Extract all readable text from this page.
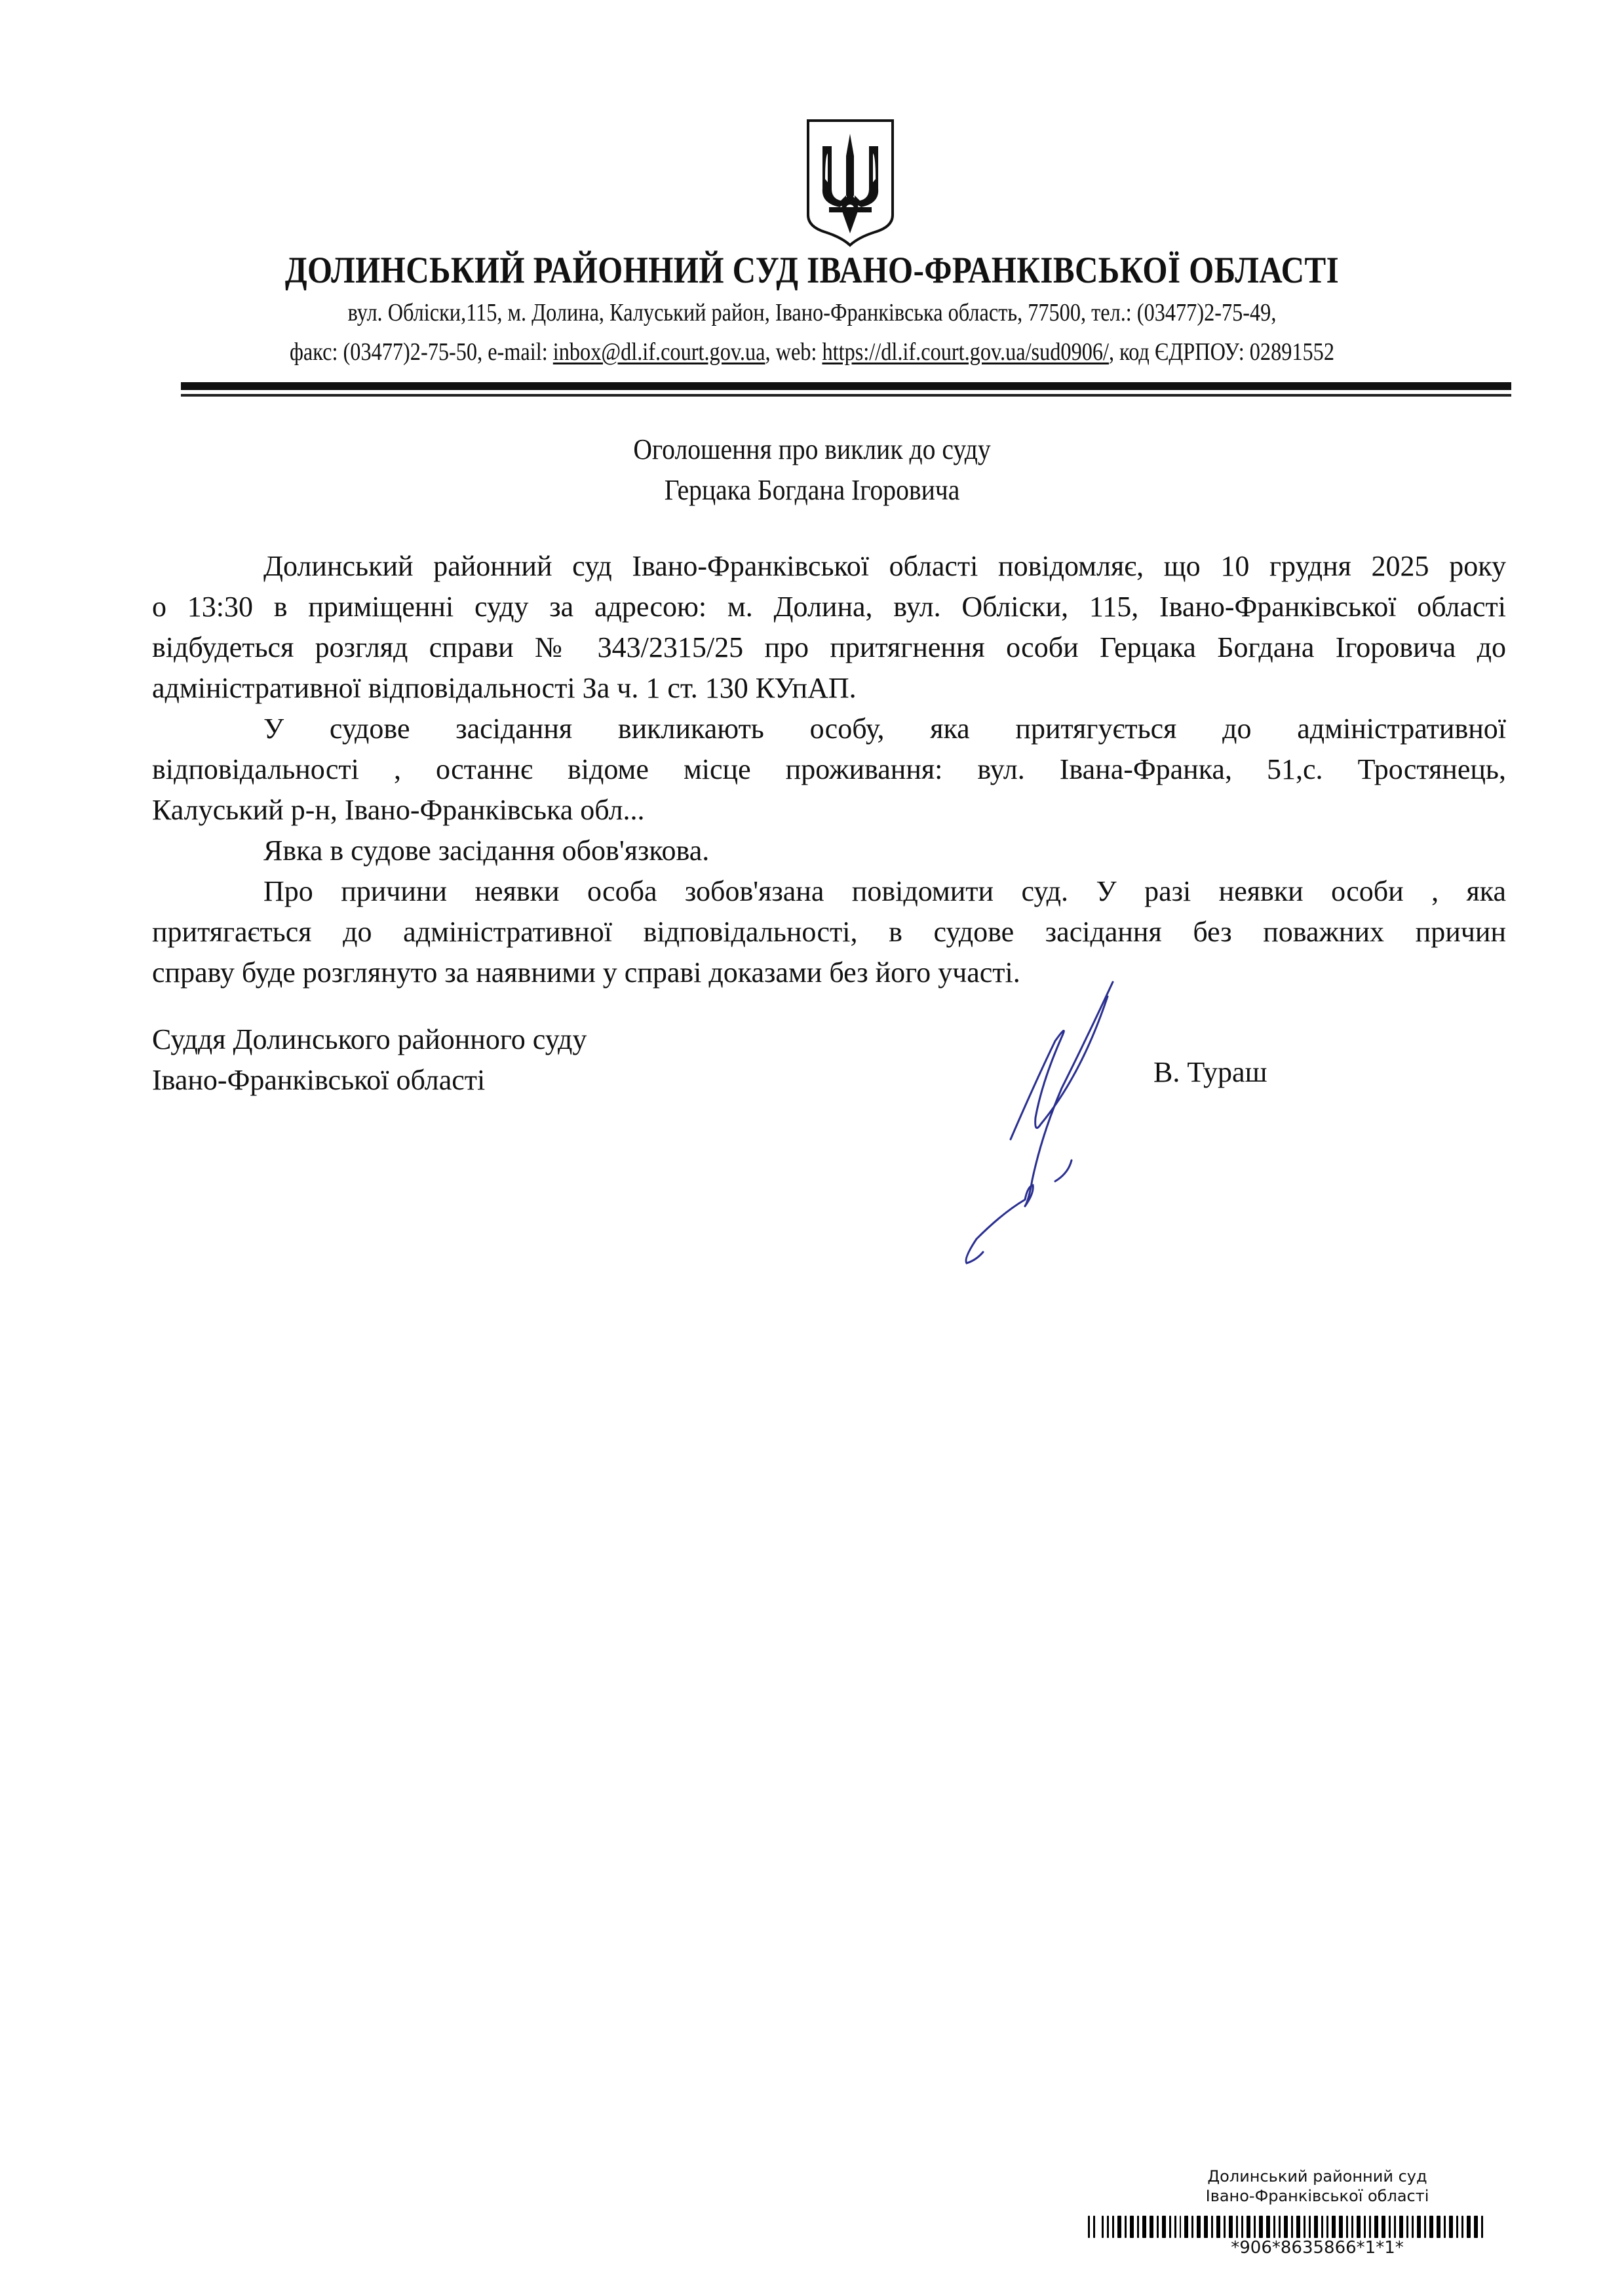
ДОЛИНСЬКИЙ РАЙОННИЙ СУД ІВАНО-ФРАНКІВСЬКОЇ ОБЛАСТІ
вул. Обліски,115, м. Долина, Калуський район, Івано-Франківська область, 77500, тел.: (03477)2-75-49,
факс: (03477)2-75-50, e-mail: inbox@dl.if.court.gov.ua, web: https://dl.if.court.gov.ua/sud0906/, код ЄДРПОУ: 02891552
Оголошення про виклик до суду
Герцака Богдана Ігоровича
Долинський районний суд Івано-Франківської області повідомляє, що 10 грудня 2025 року
о 13:30 в приміщенні суду за адресою: м. Долина, вул. Обліски, 115, Івано-Франківської області
відбудеться розгляд справи № 343/2315/25 про притягнення особи Герцака Богдана Ігоровича до
адміністративної відповідальності За ч. 1 ст. 130 КУпАП.
У судове засідання викликають особу, яка притягується до адміністративної
відповідальності , останнє відоме місце проживання: вул. Івана-Франка, 51,с. Тростянець,
Калуський р-н, Івано-Франківська обл...
Явка в судове засідання обов'язкова.
Про причини неявки особа зобов'язана повідомити суд. У разі неявки особи , яка
притягається до адміністративної відповідальності, в судове засідання без поважних причин
справу буде розглянуто за наявними у справі доказами без його участі.
Суддя Долинського районного суду
Івано-Франківської області	В. Тураш
Долинський районний суд
Івано-Франківської області
*906*8635866*1*1*
